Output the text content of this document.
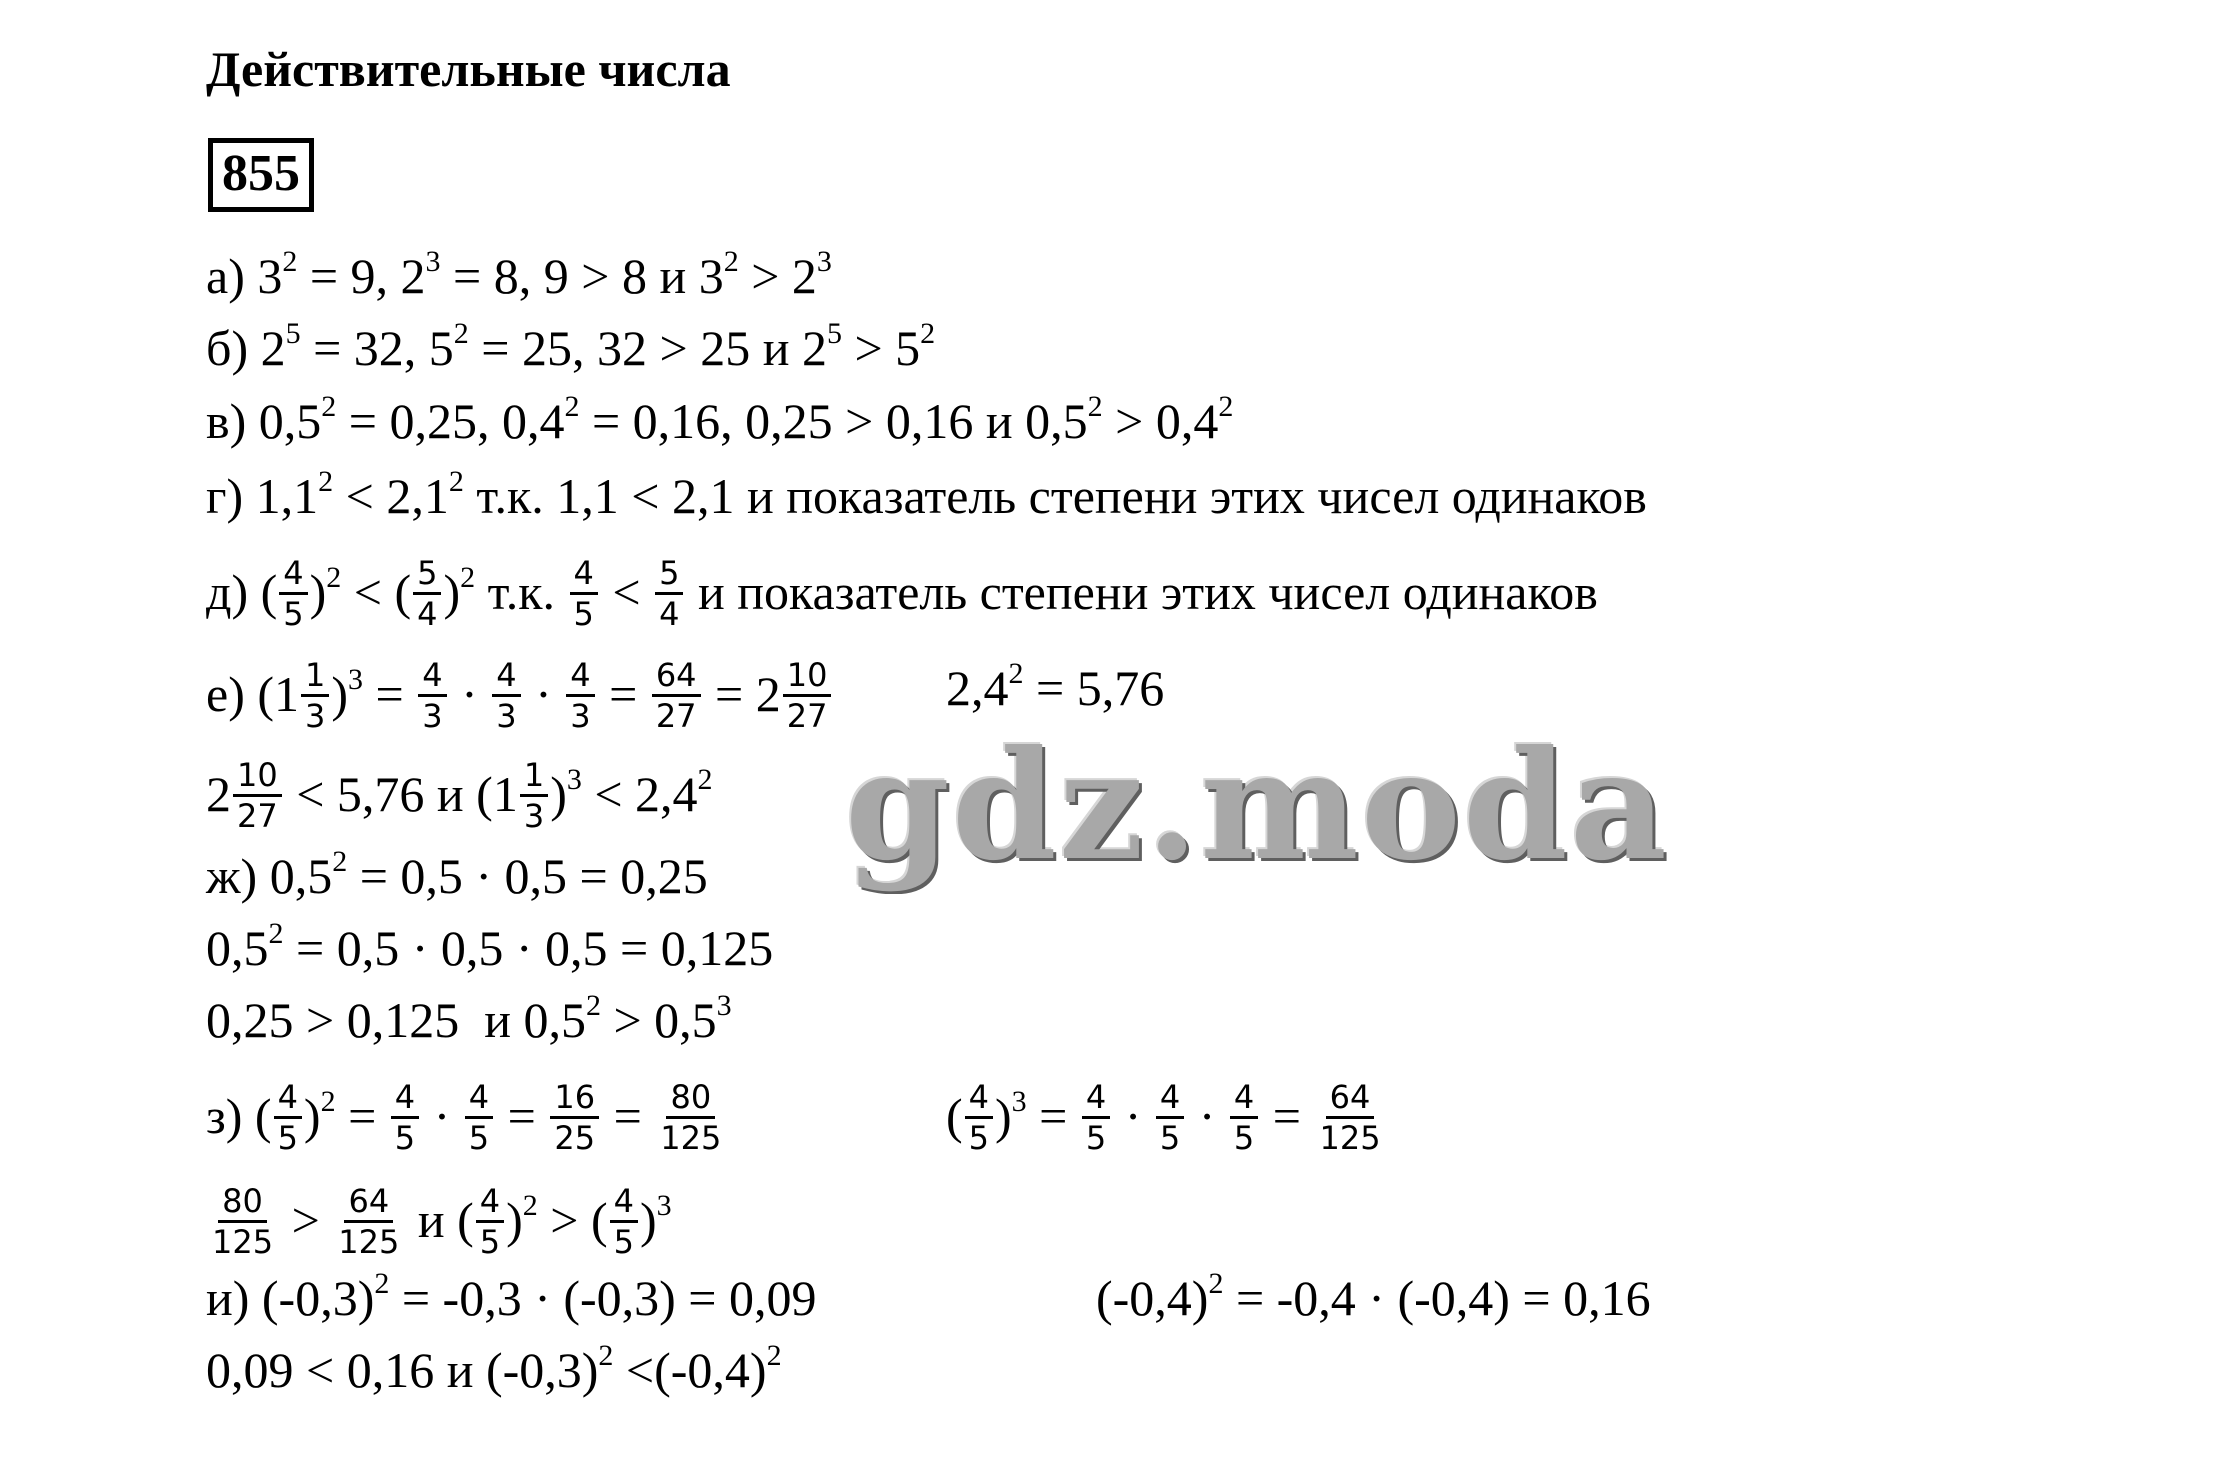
Действительные числа
855
а) $3^2 = 9$, $2^3 = 8$, 9 > 8 и $3^2 > 2^3$
б) $2^5 = 32$, $5^2 = 25$, 32 > 25 и $2^5 > 5^2$
в) $0,5^2 = 0,25$, $0,4^2 = 0,16$, 0,25 > 0,16 и $0,5^2 > 0,4^2$
г) $1,1^2 < 2,1^2$ т.к. 1,1 < 2,1 и показатель степени этих чисел одинаков
д) ( $\frac{4}{5} )^2$ < ( $\frac{5}{4} )^2$ т.к. $\frac{4}{5} < \frac{5}{4}$ и показатель степени этих чисел одинаков
е) $(1 \frac{1}{3} )^3 = \frac{4}{3} \cdot \frac{4}{3} \cdot \frac{4}{3} = \frac{64}{27} = 2 \frac{10}{27} 2,4^2 = 5,76$
$2 \frac{10}{27} < 5,76$ и $(1 \frac{1}{3} )^3 < 2,4^2$
ж) $0,5^2 = 0,5 \cdot 0,5 = 0,25$
$0,5^2 = 0,5 \cdot 0,5 \cdot 0,5 = 0,125$
0,25 > 0,125  и $0,5^2 > 0,5^3$
з) ( $\frac{4}{5} )^2 = \frac{4}{5} \cdot \frac{4}{5} = \frac{16}{25} = \frac{80}{125}$	( $\frac{4}{5} )^3 = \frac{4}{5} \cdot \frac{4}{5} \cdot \frac{4}{5} = \frac{64}{125}$
$\frac{80}{125} > \frac{64}{125}$ и ( $\frac{4}{5} )^2$ > ( $\frac{4}{5} )^3$
и) $(-0,3)^2 = -0,3 \cdot (-0,3) = 0,09$	$(-0,4)^2 = -0,4 \cdot (-0,4) = 0,16$
0,09 < 0,16 и $(-0,3)^2 <(-0,4)^2$
gdz.moda
